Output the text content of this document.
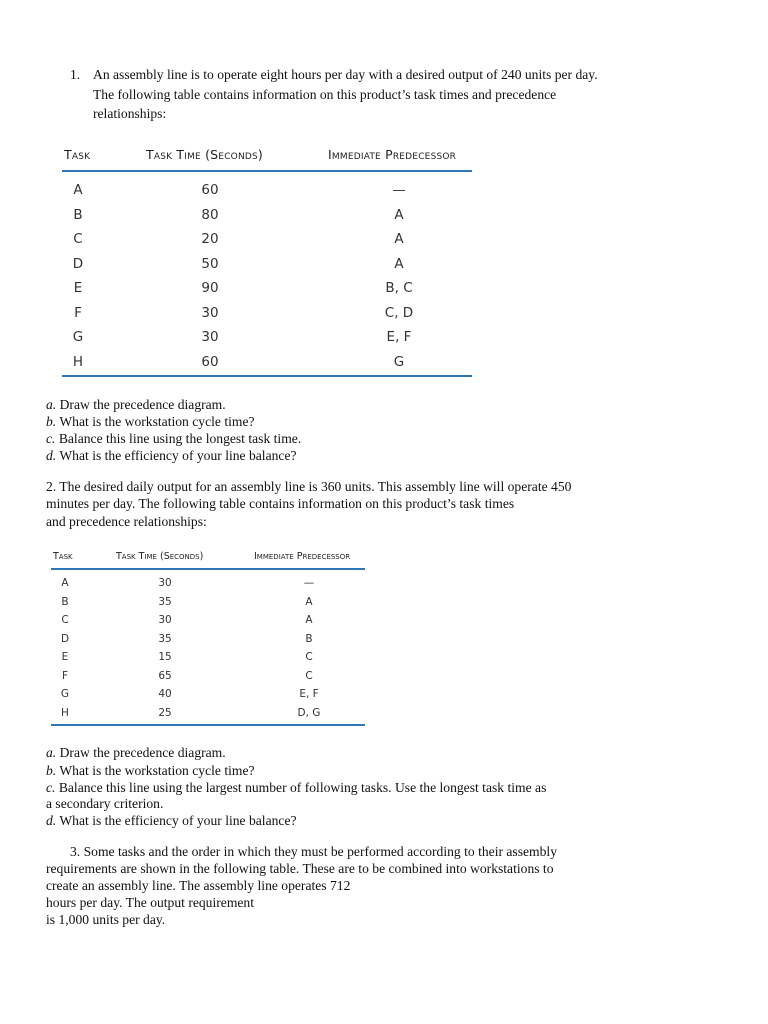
1. An assembly line is to operate eight hours per day with a desired output of 240 units per day.
The following table contains information on this product’s task times and precedence
relationships:
Task	Task Time (Seconds)	Immediate Predecessor
A	60	—
B	80	A
C	20	A
D	50	A
E	90	B, C
F	30	C, D
G	30	E, F
H	60	G
a. Draw the precedence diagram.
b. What is the workstation cycle time?
c. Balance this line using the longest task time.
d. What is the efficiency of your line balance?
2. The desired daily output for an assembly line is 360 units. This assembly line will operate 450
minutes per day. The following table contains information on this product’s task times
and precedence relationships:
Task	Task Time (Seconds)	Immediate Predecessor
A	30	—
B	35	A
C	30	A
D	35	B
E	15	C
F	65	C
G	40	E, F
H	25	D, G
a. Draw the precedence diagram.
b. What is the workstation cycle time?
c. Balance this line using the largest number of following tasks. Use the longest task time as
a secondary criterion.
d. What is the efficiency of your line balance?
3. Some tasks and the order in which they must be performed according to their assembly
requirements are shown in the following table. These are to be combined into workstations to
create an assembly line. The assembly line operates 712
hours per day. The output requirement
is 1,000 units per day.
